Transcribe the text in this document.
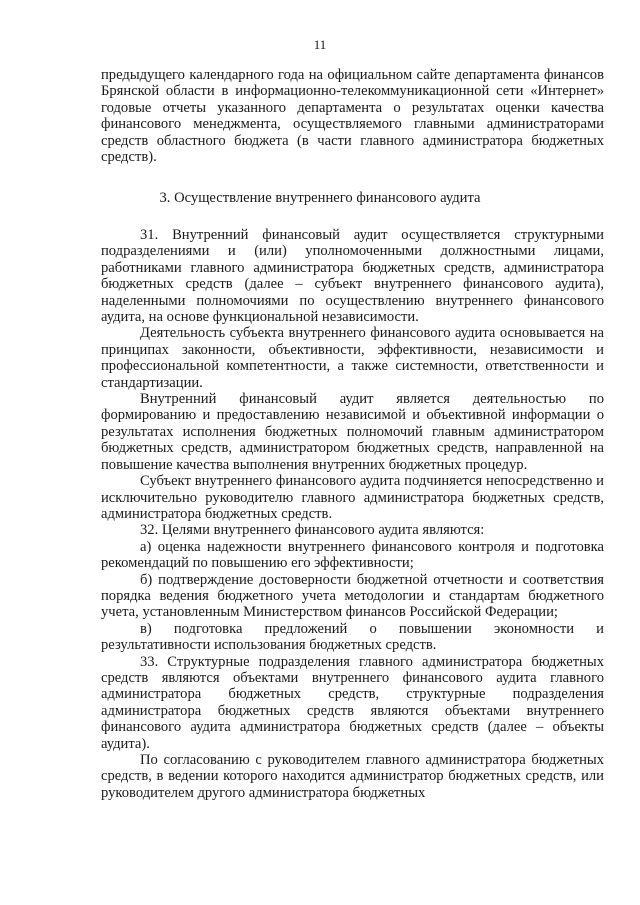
11

предыдущего календарного года на официальном сайте департамента финансов Брянской области в информационно-телекоммуникационной сети «Интернет» годовые отчеты указанного департамента о результатах оценки качества финансового менеджмента, осуществляемого главными администраторами средств областного бюджета (в части главного администратора бюджетных средств).

3. Осуществление внутреннего финансового аудита

31. Внутренний финансовый аудит осуществляется структурными подразделениями и (или) уполномоченными должностными лицами, работниками главного администратора бюджетных средств, администратора бюджетных средств (далее – субъект внутреннего финансового аудита), наделенными полномочиями по осуществлению внутреннего финансового аудита, на основе функциональной независимости.

Деятельность субъекта внутреннего финансового аудита основывается на принципах законности, объективности, эффективности, независимости и профессиональной компетентности, а также системности, ответственности и стандартизации.

Внутренний финансовый аудит является деятельностью по формированию и предоставлению независимой и объективной информации о результатах исполнения бюджетных полномочий главным администратором бюджетных средств, администратором бюджетных средств, направленной на повышение качества выполнения внутренних бюджетных процедур.

Субъект внутреннего финансового аудита подчиняется непосредственно и исключительно руководителю главного администратора бюджетных средств, администратора бюджетных средств.

32. Целями внутреннего финансового аудита являются:

а) оценка надежности внутреннего финансового контроля и подготовка рекомендаций по повышению его эффективности;

б) подтверждение достоверности бюджетной отчетности и соответствия порядка ведения бюджетного учета методологии и стандартам бюджетного учета, установленным Министерством финансов Российской Федерации;

в) подготовка предложений о повышении экономности и результативности использования бюджетных средств.

33. Структурные подразделения главного администратора бюджетных средств являются объектами внутреннего финансового аудита главного администратора бюджетных средств, структурные подразделения администратора бюджетных средств являются объектами внутреннего финансового аудита администратора бюджетных средств (далее – объекты аудита).

По согласованию с руководителем главного администратора бюджетных средств, в ведении которого находится администратор бюджетных средств, или руководителем другого администратора бюджетных
